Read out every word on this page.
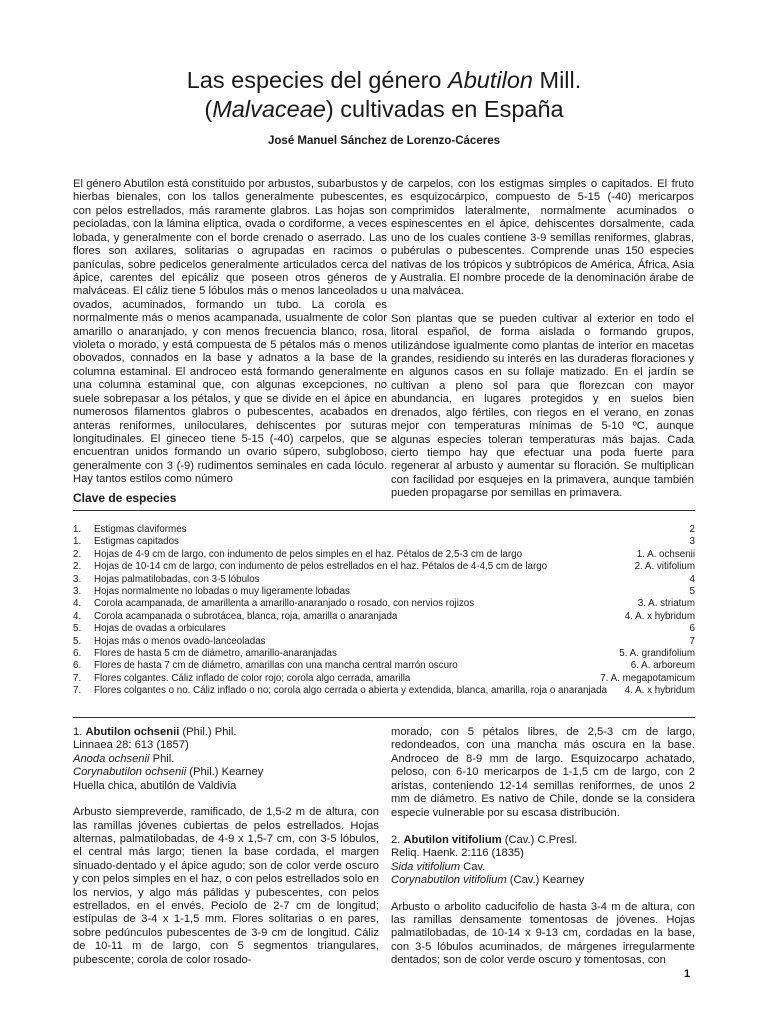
Las especies del género Abutilon Mill.
(Malvaceae) cultivadas en España
José Manuel Sánchez de Lorenzo-Cáceres

El género Abutilon está constituido por arbustos, subarbustos y hierbas bienales, con los tallos generalmente pubescentes, con pelos estrellados, más raramente glabros. Las hojas son pecioladas, con la lámina elíptica, ovada o cordiforme, a veces lobada, y generalmente con el borde crenado o aserrado. Las flores son axilares, solitarias o agrupadas en racimos o panículas, sobre pedicelos generalmente articulados cerca del ápice, carentes del epicáliz que poseen otros géneros de malváceas. El cáliz tiene 5 lóbulos más o menos lanceolados u ovados, acuminados, formando un tubo. La corola es normalmente más o menos acampanada, usualmente de color amarillo o anaranjado, y con menos frecuencia blanco, rosa, violeta o morado, y está compuesta de 5 pétalos más o menos obovados, connados en la base y adnatos a la base de la columna estaminal. El androceo está formando generalmente una columna estaminal que, con algunas excepciones, no suele sobrepasar a los pétalos, y que se divide en el ápice en numerosos filamentos glabros o pubescentes, acabados en anteras reniformes, uniloculares, dehiscentes por suturas longitudinales. El gineceo tiene 5-15 (-40) carpelos, que se encuentran unidos formando un ovario súpero, subgloboso, generalmente con 3 (-9) rudimentos seminales en cada lóculo. Hay tantos estilos como número

de carpelos, con los estigmas simples o capitados. El fruto es esquizocárpico, compuesto de 5-15 (-40) mericarpos comprimidos lateralmente, normalmente acuminados o espinescentes en el ápice, dehiscentes dorsalmente, cada uno de los cuales contiene 3-9 semillas reniformes, glabras, pubérulas o pubescentes. Comprende unas 150 especies nativas de los trópicos y subtrópicos de América, África, Asia y Australia. El nombre procede de la denominación árabe de una malvácea.

Son plantas que se pueden cultivar al exterior en todo el litoral español, de forma aislada o formando grupos, utilizándose igualmente como plantas de interior en macetas grandes, residiendo su interés en las duraderas floraciones y en algunos casos en su follaje matizado. En el jardín se cultivan a pleno sol para que florezcan con mayor abundancia, en lugares protegidos y en suelos bien drenados, algo fértiles, con riegos en el verano, en zonas mejor con temperaturas mínimas de 5-10 ºC, aunque algunas especies toleran temperaturas más bajas. Cada cierto tiempo hay que efectuar una poda fuerte para regenerar al arbusto y aumentar su floración. Se multiplican con facilidad por esquejes en la primavera, aunque también pueden propagarse por semillas en primavera.

Clave de especies
1.	Estigmas claviformes	2
1.	Estigmas capitados	3
2.	Hojas de 4-9 cm de largo, con indumento de pelos simples en el haz. Pétalos de 2,5-3 cm de largo	1. A. ochsenii
2.	Hojas de 10-14 cm de largo, con indumento de pelos estrellados en el haz. Pétalos de 4-4,5 cm de largo	2. A. vitifolium
3.	Hojas palmatilobadas, con 3-5 lóbulos	4
3.	Hojas normalmente no lobadas o muy ligeramente lobadas	5
4.	Corola acampanada, de amarillenta a amarillo-anaranjado o rosado, con nervios rojizos	3. A. striatum
4.	Corola acampanada o subrotácea, blanca, roja, amarilla o anaranjada	4. A. x hybridum
5.	Hojas de ovadas a orbiculares	6
5.	Hojas más o menos ovado-lanceoladas	7
6.	Flores de hasta 5 cm de diámetro, amarillo-anaranjadas	5. A. grandifolium
6.	Flores de hasta 7 cm de diámetro, amarillas con una mancha central marrón oscuro	6. A. arboreum
7.	Flores colgantes. Cáliz inflado de color rojo; corola algo cerrada, amarilla	7. A. megapotamicum
7.	Flores colgantes o no. Cáliz inflado o no; corola algo cerrada o abierta y extendida, blanca, amarilla, roja o anaranjada	4. A. x hybridum

1. Abutilon ochsenii (Phil.) Phil.

Linnaea 28: 613 (1857)

Anoda ochsenii Phil.

Corynabutilon ochsenii (Phil.) Kearney

Huella chica, abutilón de Valdivia

Arbusto siempreverde, ramificado, de 1,5-2 m de altura, con las ramillas jóvenes cubiertas de pelos estrellados. Hojas alternas, palmatilobadas, de 4-9 x 1,5-7 cm, con 3-5 lóbulos, el central más largo; tienen la base cordada, el margen sinuado-dentado y el ápice agudo; son de color verde oscuro y con pelos simples en el haz, o con pelos estrellados solo en los nervios, y algo más pálidas y pubescentes, con pelos estrellados, en el envés. Peciolo de 2-7 cm de longitud; estípulas de 3-4 x 1-1,5 mm. Flores solitarias o en pares, sobre pedúnculos pubescentes de 3-9 cm de longitud. Cáliz de 10-11 m de largo, con 5 segmentos triangulares, pubescente; corola de color rosado-

morado, con 5 pétalos libres, de 2,5-3 cm de largo, redondeados, con una mancha más oscura en la base. Androceo de 8-9 mm de largo. Esquizocarpo achatado, peloso, con 6-10 mericarpos de 1-1,5 cm de largo, con 2 aristas, conteniendo 12-14 semillas reniformes, de unos 2 mm de diámetro. Es nativo de Chile, donde se la considera especie vulnerable por su escasa distribución.

2. Abutilon vitifolium (Cav.) C.Presl.

Reliq. Haenk. 2:116 (1835)

Sida vitifolium Cav.

Corynabutilon vitifolium (Cav.) Kearney

Arbusto o arbolito caducifolio de hasta 3-4 m de altura, con las ramillas densamente tomentosas de jóvenes. Hojas palmatilobadas, de 10-14 x 9-13 cm, cordadas en la base, con 3-5 lóbulos acuminados, de márgenes irregularmente dentados; son de color verde oscuro y tomentosas, con

1
